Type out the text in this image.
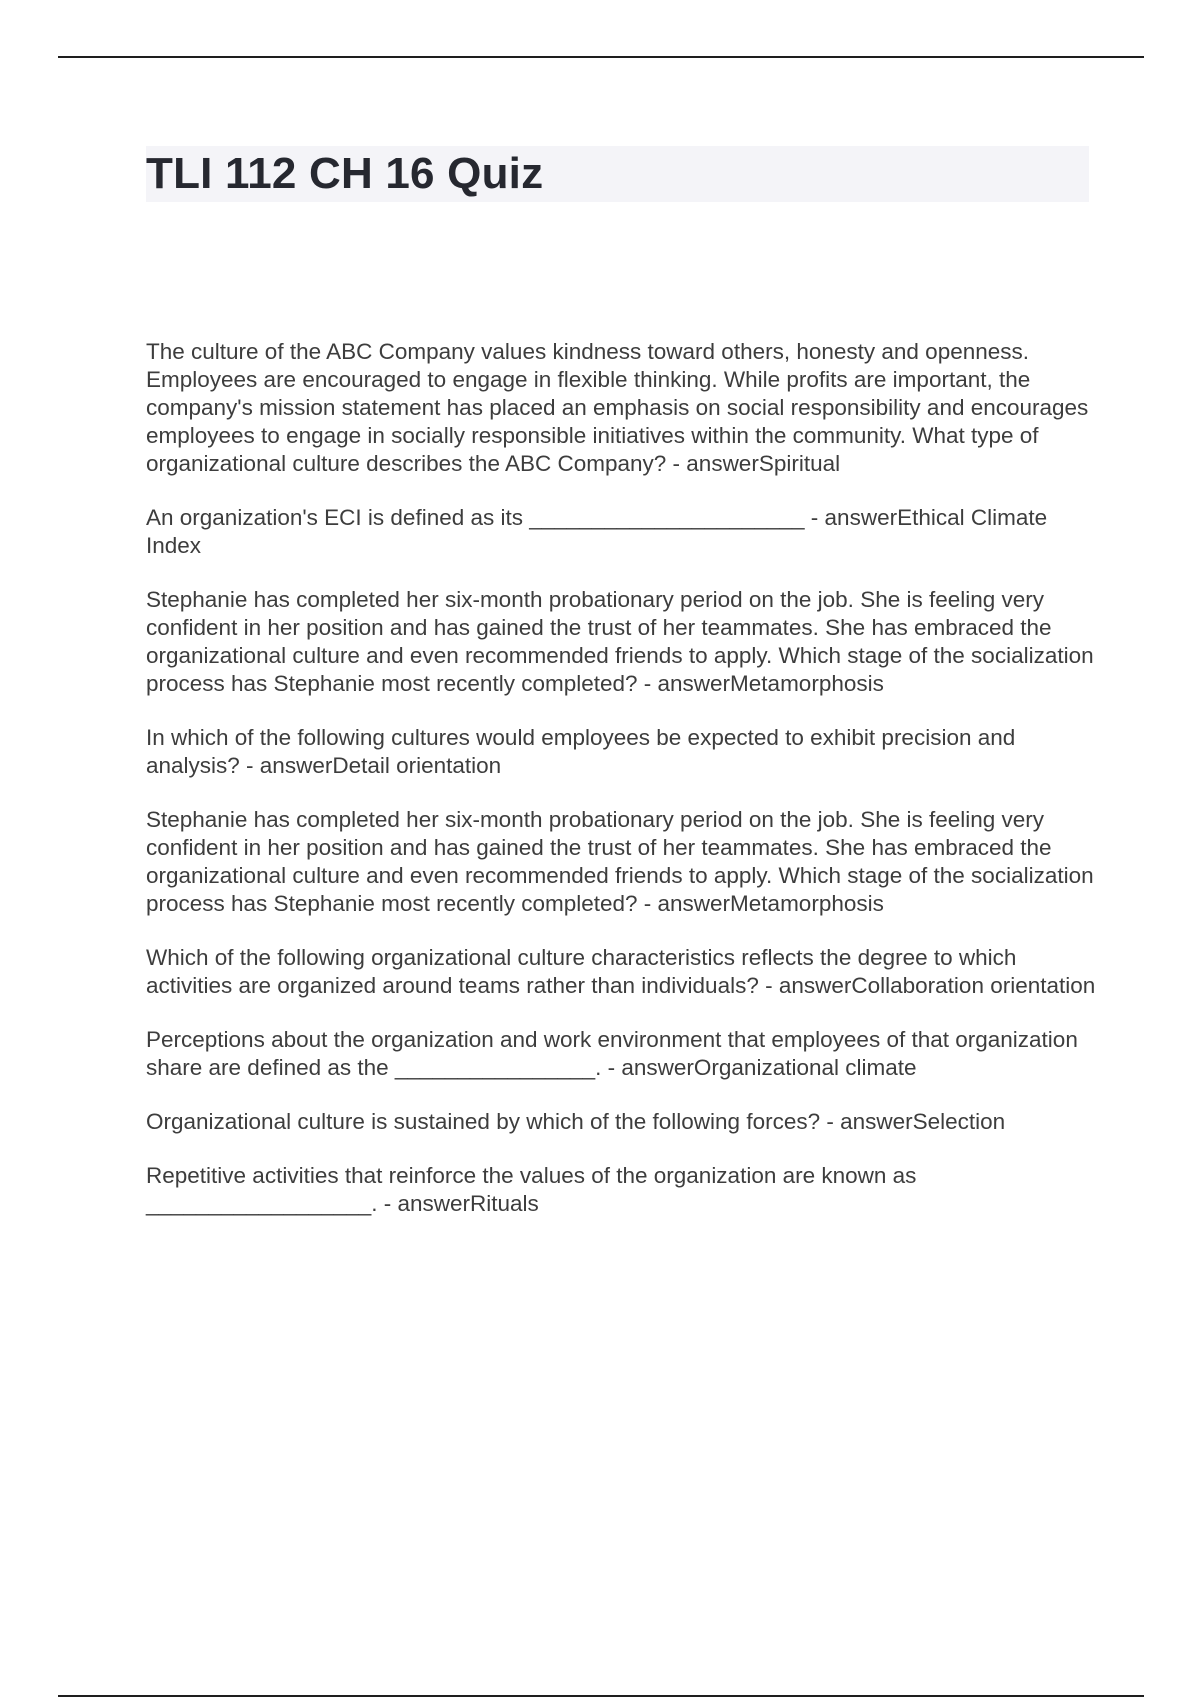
TLI 112 CH 16 Quiz

The culture of the ABC Company values kindness toward others, honesty and openness. Employees are encouraged to engage in flexible thinking. While profits are important, the company's mission statement has placed an emphasis on social responsibility and encourages employees to engage in socially responsible initiatives within the community. What type of organizational culture describes the ABC Company? - answerSpiritual

An organization's ECI is defined as its ______________________ - answerEthical Climate Index

Stephanie has completed her six-month probationary period on the job. She is feeling very confident in her position and has gained the trust of her teammates. She has embraced the organizational culture and even recommended friends to apply. Which stage of the socialization process has Stephanie most recently completed? - answerMetamorphosis

In which of the following cultures would employees be expected to exhibit precision and analysis? - answerDetail orientation

Stephanie has completed her six-month probationary period on the job. She is feeling very confident in her position and has gained the trust of her teammates. She has embraced the organizational culture and even recommended friends to apply. Which stage of the socialization process has Stephanie most recently completed? - answerMetamorphosis

Which of the following organizational culture characteristics reflects the degree to which activities are organized around teams rather than individuals? - answerCollaboration orientation

Perceptions about the organization and work environment that employees of that organization share are defined as the ________________. - answerOrganizational climate

Organizational culture is sustained by which of the following forces? - answerSelection

Repetitive activities that reinforce the values of the organization are known as __________________. - answerRituals
